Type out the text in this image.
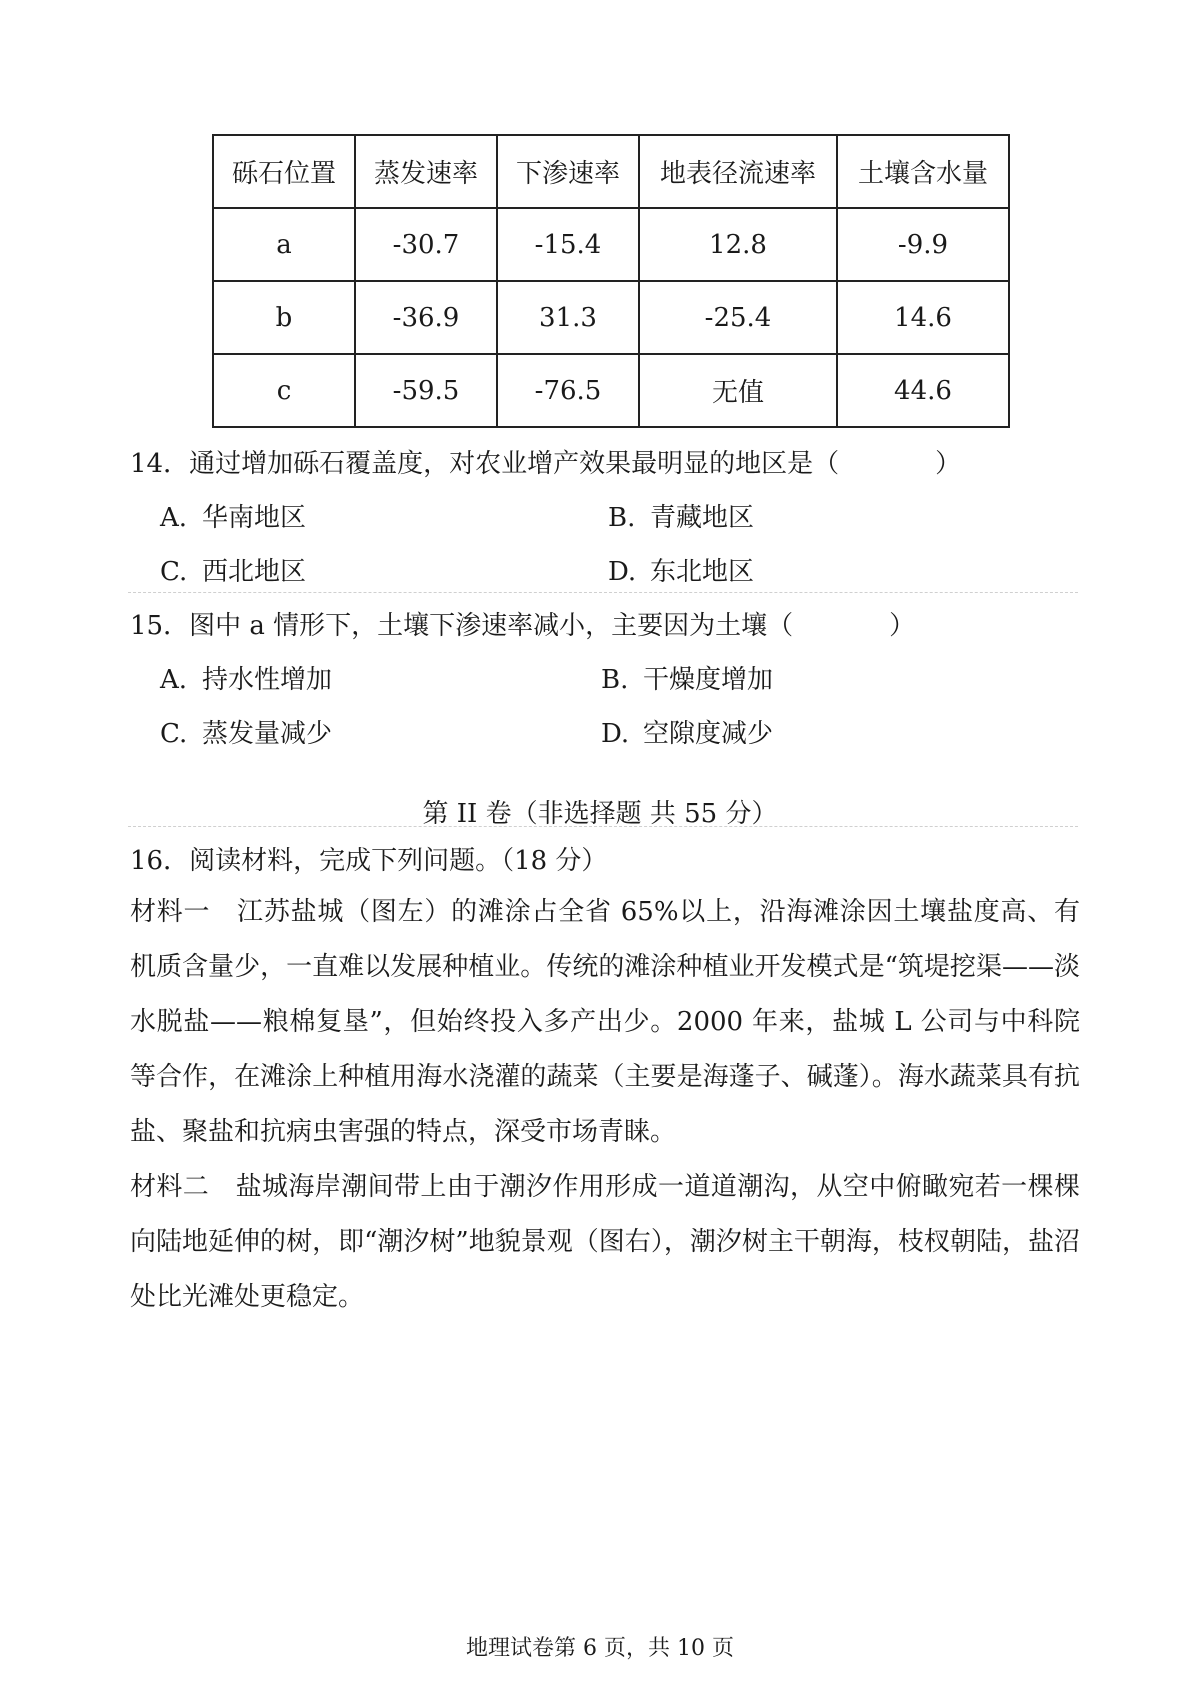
砾石位置	蒸发速率	下渗速率	地表径流速率	土壤含水量
a	-30.7	-15.4	12.8	-9.9
b	-36.9	31.3	-25.4	14.6
c	-59.5	-76.5	无值	44.6
14．通过增加砾石覆盖度，对农业增产效果最明显的地区是（	）
A. 华南地区	B. 青藏地区
C. 西北地区	D. 东北地区
15．图中 a 情形下，土壤下渗速率减小，主要因为土壤（	）
A. 持水性增加	B. 干燥度增加
C. 蒸发量减少	D. 空隙度减少
第 II 卷（非选择题 共 55 分）
16．阅读材料，完成下列问题。（18 分）
材料一　江苏盐城（图左）的滩涂占全省 65%以上，沿海滩涂因土壤盐度高、有机质含量少，一直难以发展种植业。传统的滩涂种植业开发模式是“筑堤挖渠——淡水脱盐——粮棉复垦”，但始终投入多产出少。2000 年来，盐城 L 公司与中科院等合作，在滩涂上种植用海水浇灌的蔬菜（主要是海蓬子、碱蓬）。海水蔬菜具有抗盐、聚盐和抗病虫害强的特点，深受市场青睐。
材料二　盐城海岸潮间带上由于潮汐作用形成一道道潮沟，从空中俯瞰宛若一棵棵向陆地延伸的树，即“潮汐树”地貌景观（图右），潮汐树主干朝海，枝杈朝陆，盐沼处比光滩处更稳定。
地理试卷第 6 页，共 10 页
